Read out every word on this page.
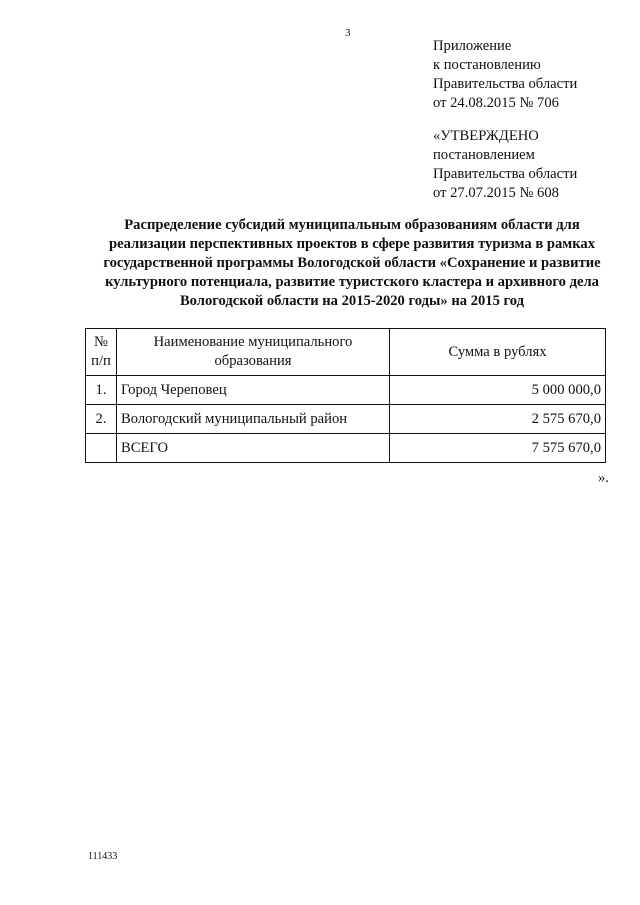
3
Приложение
к постановлению
Правительства области
от 24.08.2015 № 706
«УТВЕРЖДЕНО
постановлением
Правительства области
от 27.07.2015 № 608
Распределение субсидий муниципальным образованиям области для
реализации перспективных проектов в сфере развития туризма в рамках
государственной программы Вологодской области «Сохранение и развитие
культурного потенциала, развитие туристского кластера и архивного дела
Вологодской области на 2015-2020 годы» на 2015 год
№
п/п	Наименование муниципального образования	Сумма в рублях
1.	Город Череповец	5 000 000,0
2.	Вологодский муниципальный район	2 575 670,0
	ВСЕГО	7 575 670,0
».
111433
